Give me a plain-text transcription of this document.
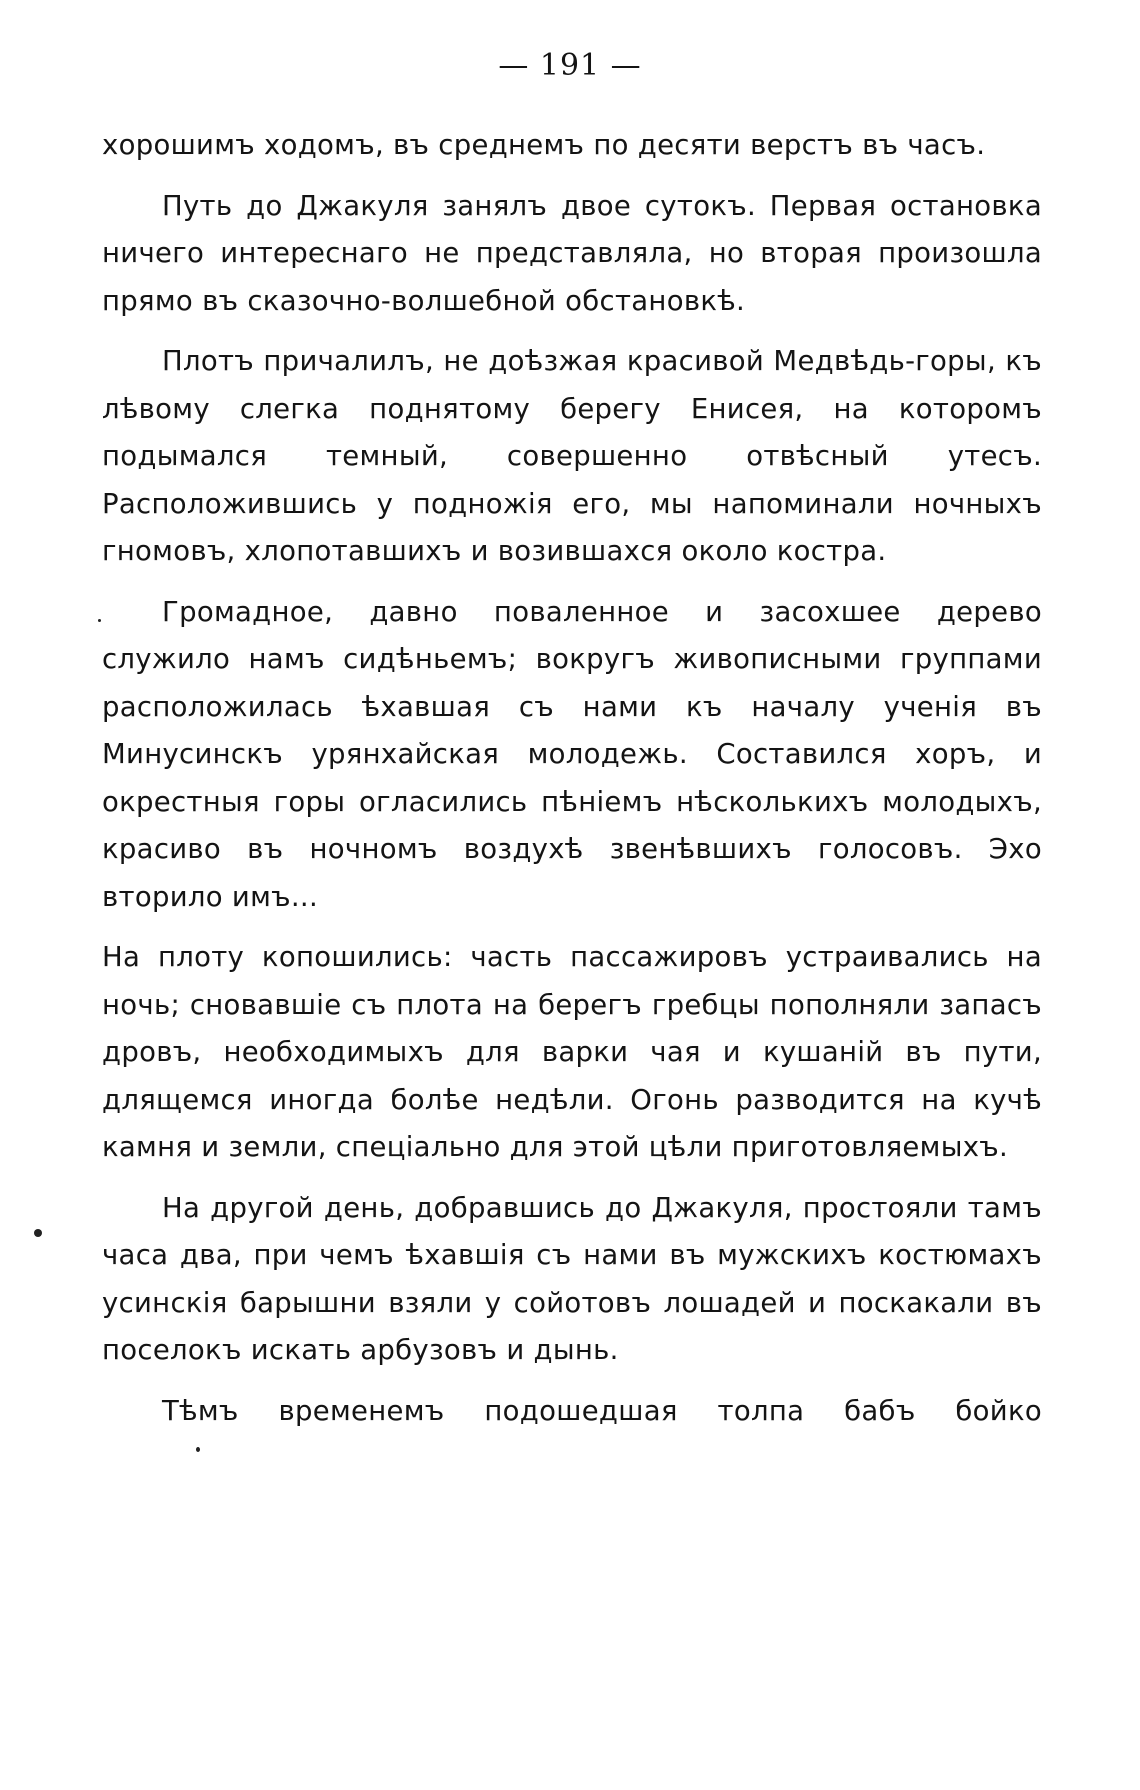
— 191 —

хорошимъ ходомъ, въ среднемъ по десяти верстъ въ часъ.

Путь до Джакуля занялъ двое сутокъ. Первая остановка ничего интереснаго не представляла, но вторая произошла прямо въ сказочно-волшебной обстановкѣ.

Плотъ причалилъ, не доѣзжая красивой Медвѣдь-горы, къ лѣвому слегка поднятому берегу Енисея, на которомъ подымался темный, совершенно отвѣсный утесъ. Расположившись у подножія его, мы напоминали ночныхъ гномовъ, хлопотавшихъ и возившахся около костра.

Громадное, давно поваленное и засохшее дерево служило намъ сидѣньемъ; вокругъ живописными группами расположилась ѣхавшая съ нами къ началу ученія въ Минусинскъ урянхайская молодежь. Составился хоръ, и окрестныя горы огласились пѣніемъ нѣсколькихъ молодыхъ, красиво въ ночномъ воздухѣ звенѣвшихъ голосовъ. Эхо вторило имъ...

На плоту копошились: часть пассажировъ устраивались на ночь; сновавшіе съ плота на берегъ гребцы пополняли запасъ дровъ, необходимыхъ для варки чая и кушаній въ пути, длящемся иногда болѣе недѣли. Огонь разводится на кучѣ камня и земли, спеціально для этой цѣли приготовляемыхъ.

На другой день, добравшись до Джакуля, простояли тамъ часа два, при чемъ ѣхавшія съ нами въ мужскихъ костюмахъ усинскія барышни взяли у сойотовъ лошадей и поскакали въ поселокъ искать арбузовъ и дынь.

Тѣмъ временемъ подошедшая толпа бабъ бойко
